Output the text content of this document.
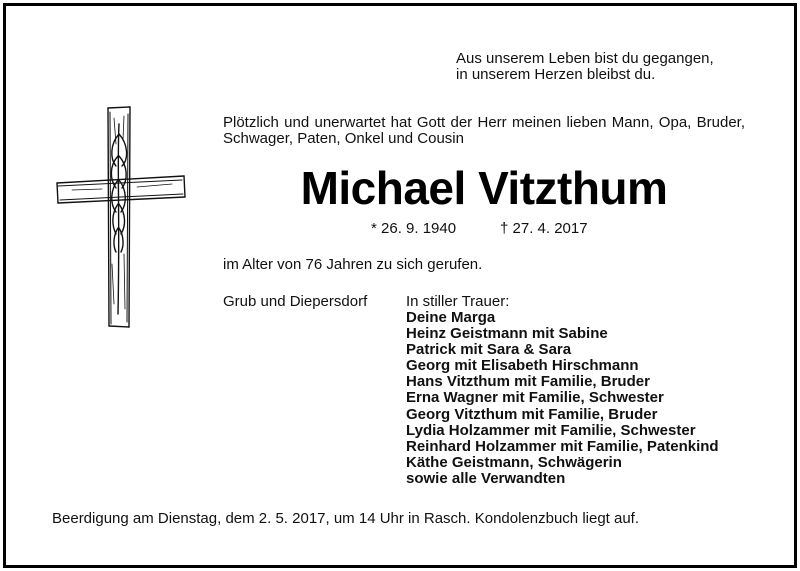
Aus unserem Leben bist du gegangen,
in unserem Herzen bleibst du.
Plötzlich und unerwartet hat Gott der Herr meinen lieben Mann, Opa, Bruder, Schwager, Paten, Onkel und Cousin
Michael Vitzthum
* 26. 9. 1940	† 27. 4. 2017
im Alter von 76 Jahren zu sich gerufen.
Grub und Diepersdorf	In stiller Trauer:
Deine Marga
Heinz Geistmann mit Sabine
Patrick mit Sara & Sara
Georg mit Elisabeth Hirschmann
Hans Vitzthum mit Familie, Bruder
Erna Wagner mit Familie, Schwester
Georg Vitzthum mit Familie, Bruder
Lydia Holzammer mit Familie, Schwester
Reinhard Holzammer mit Familie, Patenkind
Käthe Geistmann, Schwägerin
sowie alle Verwandten
Beerdigung am Dienstag, dem 2. 5. 2017, um 14 Uhr in Rasch. Kondolenzbuch liegt auf.
